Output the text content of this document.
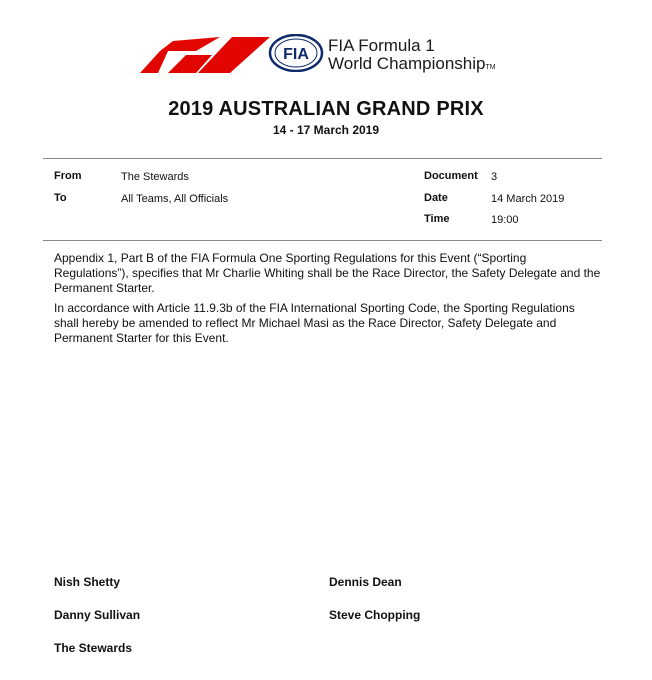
FIA FIA Formula 1
World ChampionshipTM
2019 AUSTRALIAN GRAND PRIX
14 - 17 March 2019
From	The Stewards
To	All Teams, All Officials
Document 3
Date	14 March 2019
Time	19:00

Appendix 1, Part B of the FIA Formula One Sporting Regulations for this Event (“Sporting Regulations”), specifies that Mr Charlie Whiting shall be the Race Director, the Safety Delegate and the Permanent Starter.

In accordance with Article 11.9.3b of the FIA International Sporting Code, the Sporting Regulations shall hereby be amended to reflect Mr Michael Masi as the Race Director, Safety Delegate and Permanent Starter for this Event.

Nish Shetty	Dennis Dean
Danny Sullivan	Steve Chopping
The Stewards
